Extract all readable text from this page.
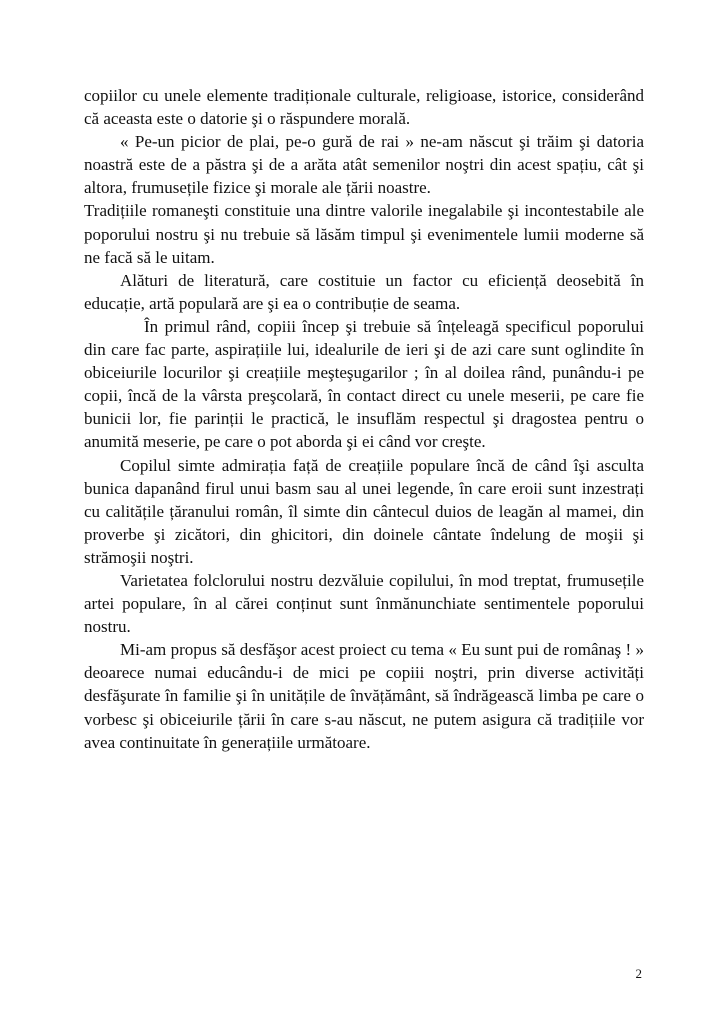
copiilor cu unele elemente tradiționale culturale, religioase, istorice, considerând că aceasta este o datorie şi o răspundere morală.

« Pe-un picior de plai, pe-o gură de rai » ne-am născut şi trăim şi datoria noastră este de a păstra şi de a arăta atât semenilor noştri din acest spațiu, cât şi altora, frumusețile fizice şi morale ale țării noastre.

Tradițiile romaneşti constituie una dintre valorile inegalabile şi incontestabile ale poporului nostru şi nu trebuie să lăsăm timpul şi evenimentele lumii moderne să ne facă să le uitam.

Alături de literatură, care costituie un factor cu eficiență deosebită în educație, artă populară are şi ea o contribuție de seama.

În primul rând, copiii încep şi trebuie să înțeleagă specificul poporului din care fac parte, aspirațiile lui, idealurile de ieri şi de azi care sunt oglindite în obiceiurile locurilor şi creațiile meşteşugarilor ; în al doilea rând, punându-i pe copii, încă de la vârsta preşcolară, în contact direct cu unele meserii, pe care fie bunicii lor, fie parinții le practică, le insuflăm respectul şi dragostea pentru o anumită meserie, pe care o pot aborda şi ei când vor creşte.

Copilul simte admirația față de creațiile populare încă de când îşi asculta bunica dapanând firul unui basm sau al unei legende, în care eroii sunt inzestrați cu calitățile țăranului român, îl simte din cântecul duios de leagăn al mamei, din proverbe şi zicători, din ghicitori, din doinele cântate îndelung de moşii şi strămoşii noştri.

Varietatea folclorului nostru dezvăluie copilului, în mod treptat, frumusețile artei populare, în al cărei conținut sunt înmănunchiate sentimentele poporului nostru.

Mi-am propus să desfăşor acest proiect cu tema « Eu sunt pui de românaş ! » deoarece numai educându-i de mici pe copiii noştri, prin diverse activități desfăşurate în familie şi în unitățile de învățământ, să îndrăgească limba pe care o vorbesc şi obiceiurile țării în care s-au născut, ne putem asigura că tradițiile vor avea continuitate în generațiile următoare.

2
